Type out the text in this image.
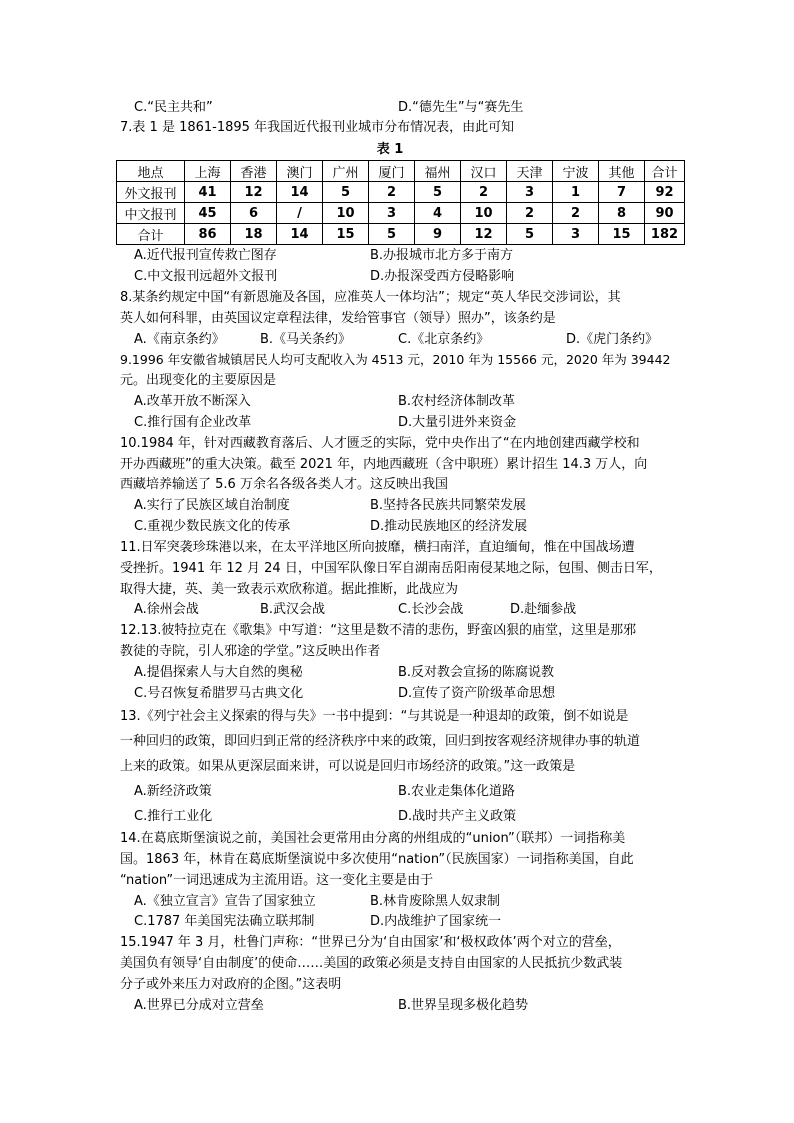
C.“民主共和”	D.“德先生”与“赛先生
7.表 1 是 1861-1895 年我国近代报刊业城市分布情况表，由此可知
表 1
地点	上海	香港	澳门	广州	厦门	福州	汉口	天津	宁波	其他	合计
外文报刊	41	12	14	5	2	5	2	3	1	7	92
中文报刊	45	6	/	10	3	4	10	2	2	8	90
合计	86	18	14	15	5	9	12	5	3	15	182
A.近代报刊宣传救亡图存	B.办报城市北方多于南方
C.中文报刊远超外文报刊	D.办报深受西方侵略影响
8.某条约规定中国“有新恩施及各国，应准英人一体均沾”；规定“英人华民交涉词讼，其
英人如何科罪，由英国议定章程法律，发给管事官（领导）照办”，该条约是
A.《南京条约》	B.《马关条约》	C.《北京条约》	D.《虎门条约》
9.1996 年安徽省城镇居民人均可支配收入为 4513 元，2010 年为 15566 元，2020 年为 39442
元。出现变化的主要原因是
A.改革开放不断深入	B.农村经济体制改革
C.推行国有企业改革	D.大量引进外来资金
10.1984 年，针对西藏教育落后、人才匮乏的实际，党中央作出了“在内地创建西藏学校和
开办西藏班”的重大决策。截至 2021 年，内地西藏班（含中职班）累计招生 14.3 万人，向
西藏培养输送了 5.6 万余名各级各类人才。这反映出我国
A.实行了民族区域自治制度	B.坚持各民族共同繁荣发展
C.重视少数民族文化的传承	D.推动民族地区的经济发展
11.日军突袭珍珠港以来，在太平洋地区所向披靡，横扫南洋，直迫缅甸，惟在中国战场遭
受挫折。1941 年 12 月 24 日，中国军队像日军自湖南岳阳南侵某地之际，包围、侧击日军，
取得大捷，英、美一致表示欢欣称道。据此推断，此战应为
A.徐州会战	B.武汉会战	C.长沙会战	D.赴缅参战
12.13.彼特拉克在《歌集》中写道：“这里是数不清的悲伤，野蛮凶狠的庙堂，这里是那邪
教徒的寺院，引人邪途的学堂。”这反映出作者
A.提倡探索人与大自然的奥秘	B.反对教会宣扬的陈腐说教
C.号召恢复希腊罗马古典文化	D.宣传了资产阶级革命思想
13.《列宁社会主义探索的得与失》一书中提到：“与其说是一种退却的政策，倒不如说是
一种回归的政策，即回归到正常的经济秩序中来的政策，回归到按客观经济规律办事的轨道
上来的政策。如果从更深层面来讲，可以说是回归市场经济的政策。”这一政策是
A.新经济政策	B.农业走集体化道路
C.推行工业化	D.战时共产主义政策
14.在葛底斯堡演说之前，美国社会更常用由分离的州组成的“union”（联邦）一词指称美
国。1863 年，林肯在葛底斯堡演说中多次使用“nation”（民族国家）一词指称美国，自此
“nation”一词迅速成为主流用语。这一变化主要是由于
A.《独立宣言》宣告了国家独立	B.林肯废除黑人奴隶制
C.1787 年美国宪法确立联邦制	D.内战维护了国家统一
15.1947 年 3 月，杜鲁门声称：“世界已分为‘自由国家’和‘极权政体’两个对立的营垒，
美国负有领导‘自由制度’的使命……美国的政策必须是支持自由国家的人民抵抗少数武装
分子或外来压力对政府的企图。”这表明
A.世界已分成对立营垒	B.世界呈现多极化趋势
